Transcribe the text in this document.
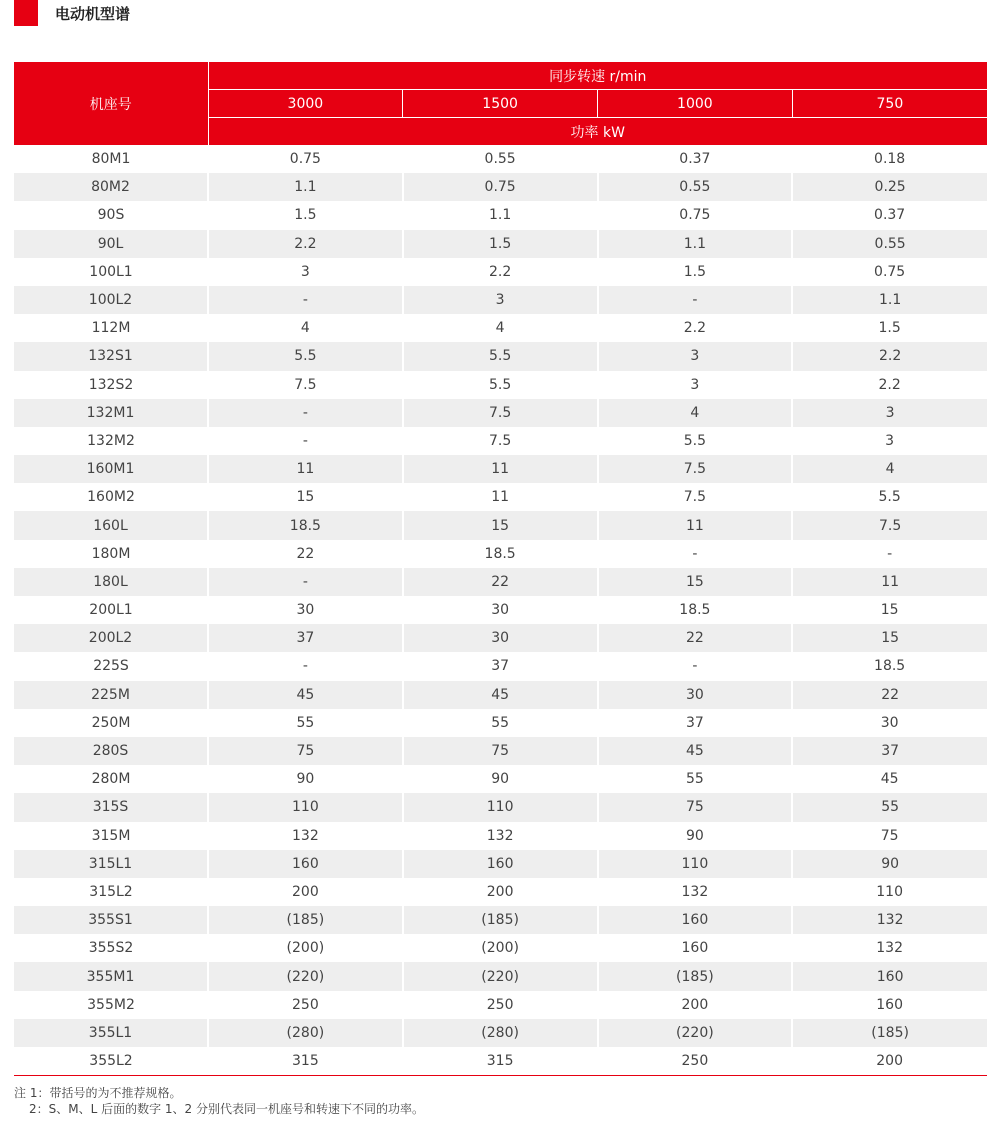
电动机型谱
机座号	同步转速 r/min			
	3000	1500	1000	750
	功率 kW			
80M1	0.75	0.55	0.37	0.18
80M2	1.1	0.75	0.55	0.25
90S	1.5	1.1	0.75	0.37
90L	2.2	1.5	1.1	0.55
100L1	3	2.2	1.5	0.75
100L2	-	3	-	1.1
112M	4	4	2.2	1.5
132S1	5.5	5.5	3	2.2
132S2	7.5	5.5	3	2.2
132M1	-	7.5	4	3
132M2	-	7.5	5.5	3
160M1	11	11	7.5	4
160M2	15	11	7.5	5.5
160L	18.5	15	11	7.5
180M	22	18.5	-	-
180L	-	22	15	11
200L1	30	30	18.5	15
200L2	37	30	22	15
225S	-	37	-	18.5
225M	45	45	30	22
250M	55	55	37	30
280S	75	75	45	37
280M	90	90	55	45
315S	110	110	75	55
315M	132	132	90	75
315L1	160	160	110	90
315L2	200	200	132	110
355S1	(185)	(185)	160	132
355S2	(200)	(200)	160	132
355M1	(220)	(220)	(185)	160
355M2	250	250	200	160
355L1	(280)	(280)	(220)	(185)
355L2	315	315	250	200
注 1：带括号的为不推荐规格。
2：S、M、L 后面的数字 1、2 分别代表同一机座号和转速下不同的功率。
